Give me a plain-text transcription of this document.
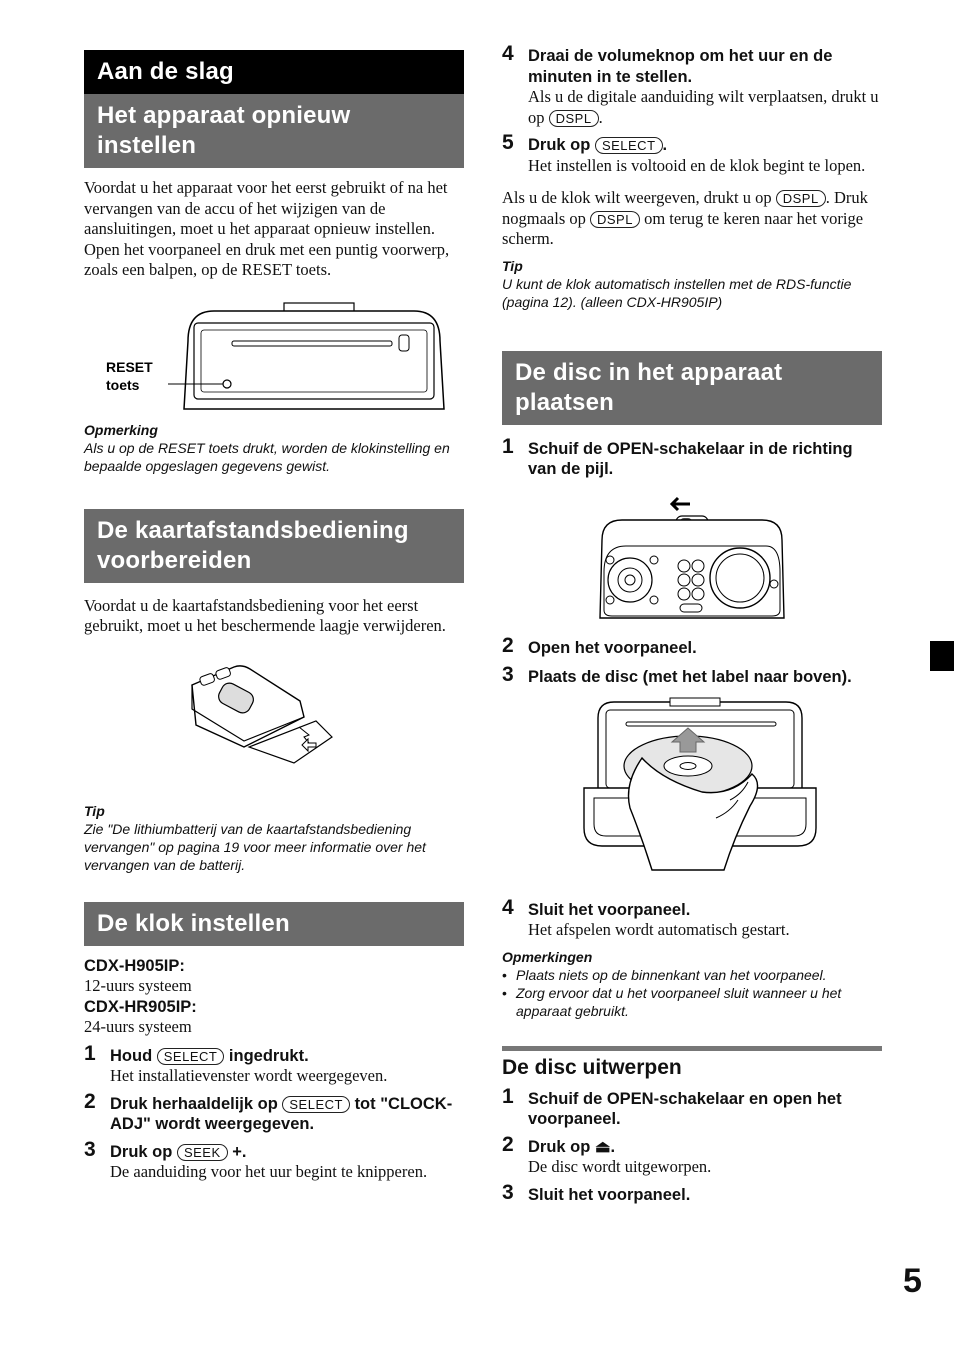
Aan de slag
Het apparaat opnieuw instellen

Voordat u het apparaat voor het eerst gebruikt of na het vervangen van de accu of het wijzigen van de aansluitingen, moet u het apparaat opnieuw instellen.

Open het voorpaneel en druk met een puntig voorwerp, zoals een balpen, op de RESET toets.

RESET
toets
Opmerking
Als u op de RESET toets drukt, worden de klokinstelling en bepaalde opgeslagen gegevens gewist.
De kaartafstandsbediening voorbereiden

Voordat u de kaartafstandsbediening voor het eerst gebruikt, moet u het beschermende laagje verwijderen.

Tip
Zie "De lithiumbatterij van de kaartafstandsbediening vervangen" op pagina 19 voor meer informatie over het vervangen van de batterij.
De klok instellen
CDX-H905IP:
12-uurs systeem
CDX-HR905IP:
24-uurs systeem
1 Houd SELECT ingedrukt.
Het installatievenster wordt weergegeven.
2 Druk herhaaldelijk op SELECT tot "CLOCK-ADJ" wordt weergegeven.
3 Druk op SEEK +.
De aanduiding voor het uur begint te knipperen.
4 Draai de volumeknop om het uur en de minuten in te stellen.
Als u de digitale aanduiding wilt verplaatsen, drukt u op DSPL .
5 Druk op SELECT .
Het instellen is voltooid en de klok begint te lopen.

Als u de klok wilt weergeven, drukt u op DSPL . Druk nogmaals op DSPL om terug te keren naar het vorige scherm.

Tip
U kunt de klok automatisch instellen met de RDS-functie (pagina 12). (alleen CDX-HR905IP)
De disc in het apparaat plaatsen
1 Schuif de OPEN-schakelaar in de richting van de pijl.
2 Open het voorpaneel.
3 Plaats de disc (met het label naar boven).
4 Sluit het voorpaneel.
Het afspelen wordt automatisch gestart.
Opmerkingen
• Plaats niets op de binnenkant van het voorpaneel.
• Zorg ervoor dat u het voorpaneel sluit wanneer u het apparaat gebruikt.
De disc uitwerpen
1 Schuif de OPEN-schakelaar en open het voorpaneel.
2 Druk op ⏏.
De disc wordt uitgeworpen.
3 Sluit het voorpaneel.
5
